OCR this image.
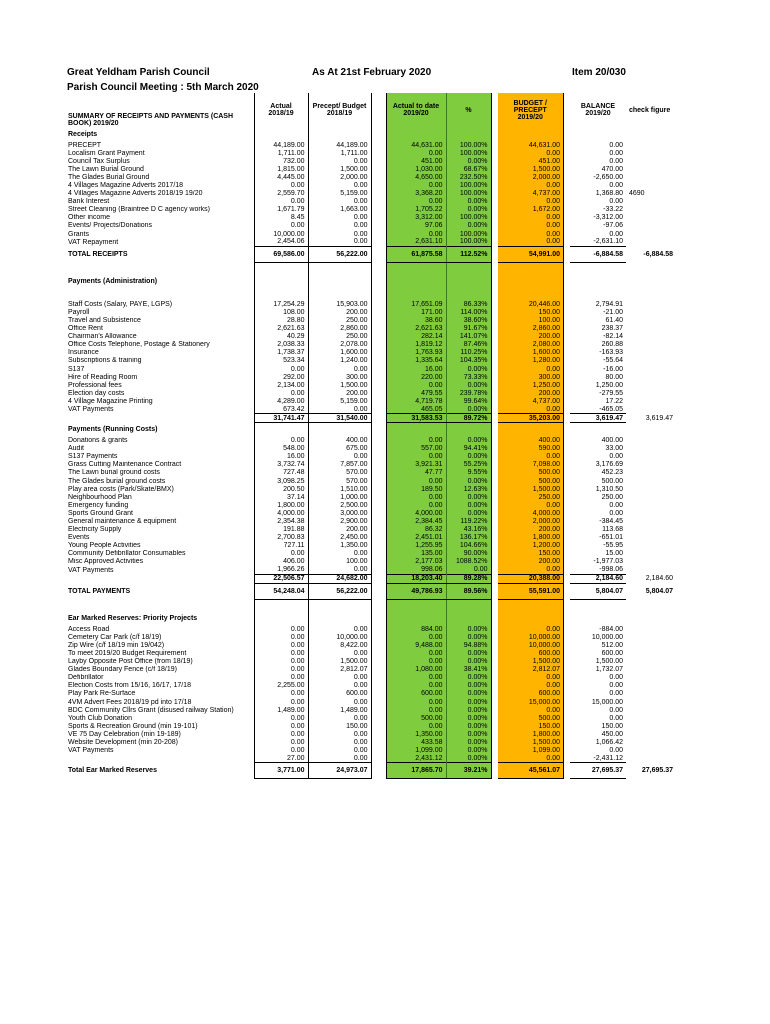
Great Yeldham Parish Council
Parish Council Meeting : 5th March 2020
As At 21st February 2020	Item 20/030
SUMMARY OF RECEIPTS AND PAYMENTS (CASH BOOK) 2019/20	Actual 2018/19	Precept/ Budget 2018/19		Actual to date 2019/20	%		BUDGET / PRECEPT 2019/20		BALANCE 2019/20	check figure
Receipts										
PRECEPT	44,189.00	44,189.00		44,631.00	100.00%		44,631.00		0.00	
Localism Grant Payment	1,711.00	1,711.00		0.00	100.00%		0.00		0.00	
Council Tax Surplus	732.00	0.00		451.00	0.00%		451.00		0.00	
The Lawn Burial Ground	1,815.00	1,500.00		1,030.00	68.67%		1,500.00		470.00	
The Glades Burial Ground	4,445.00	2,000.00		4,650.00	232.50%		2,000.00		-2,650.00	
4 Villages Magazine Adverts 2017/18	0.00	0.00		0.00	100.00%		0.00		0.00	
4 Villages Magazine Adverts 2018/19 19/20	2,559.70	5,159.00		3,368.20	100.00%		4,737.00		1,368.80	4690
Bank Interest	0.00	0.00		0.00	0.00%		0.00		0.00	
Street Cleaning (Braintree D C agency works)	1,671.79	1,663.00		1,705.22	0.00%		1,672.00		-33.22	
Other income	8.45	0.00		3,312.00	100.00%		0.00		-3,312.00	
Events/ Projects/Donations	0.00	0.00		97.06	0.00%		0.00		-97.06	
Grants	10,000.00	0.00		0.00	100.00%		0.00		0.00	
VAT Repayment	2,454.06	0.00		2,631.10	100.00%		0.00		-2,631.10	
TOTAL RECEIPTS	69,586.00	56,222.00		61,875.58	112.52%		54,991.00		-6,884.58	-6,884.58

Payments (Administration)										

Staff Costs (Salary, PAYE, LGPS)	17,254.29	15,903.00		17,651.09	86.33%		20,446.00		2,794.91	
Payroll	108.00	200.00		171.00	114.00%		150.00		-21.00	
Travel and Subsistence	28.80	250.00		38.60	38.60%		100.00		61.40	
Office Rent	2,621.63	2,860.00		2,621.63	91.67%		2,860.00		238.37	
Chairman's Allowance	40.29	250.00		282.14	141.07%		200.00		-82.14	
Office Costs Telephone, Postage & Stationery	2,038.33	2,078.00		1,819.12	87.46%		2,080.00		260.88	
Insurance	1,738.37	1,600.00		1,763.93	110.25%		1,600.00		-163.93	
Subscriptions & training	523.34	1,240.00		1,335.64	104.35%		1,280.00		-55.64	
S137	0.00	0.00		16.00	0.00%		0.00		-16.00	
Hire of Reading Room	292.00	300.00		220.00	73.33%		300.00		80.00	
Professional fees	2,134.00	1,500.00		0.00	0.00%		1,250.00		1,250.00	
Election day costs	0.00	200.00		479.55	239.78%		200.00		-279.55	
4 Village Magazine Printing	4,289.00	5,159.00		4,719.78	99.64%		4,737.00		17.22	
VAT Payments	673.42	0.00		465.05	0.00%		0.00		-465.05	
	31,741.47	31,540.00		31,583.53	89.72%		35,203.00		3,619.47	3,619.47
Payments (Running Costs)										
Donations & grants	0.00	400.00		0.00	0.00%		400.00		400.00	
Audit	548.00	675.00		557.00	94.41%		590.00		33.00	
S137 Payments	16.00	0.00		0.00	0.00%		0.00		0.00	
Grass Cutting Maintenance Contract	3,732.74	7,857.00		3,921.31	55.25%		7,098.00		3,176.69	
The Lawn burial ground costs	727.48	570.00		47.77	9.55%		500.00		452.23	
The Glades burial ground costs	3,098.25	570.00		0.00	0.00%		500.00		500.00	
Play area costs (Park/Skate/BMX)	200.50	1,510.00		189.50	12.63%		1,500.00		1,310.50	
Neighbourhood Plan	37.14	1,000.00		0.00	0.00%		250.00		250.00	
Emergency funding	1,800.00	2,500.00		0.00	0.00%		0.00		0.00	
Sports Ground Grant	4,000.00	3,000.00		4,000.00	0.00%		4,000.00		0.00	
General maintenance & equipment	2,354.38	2,900.00		2,384.45	119.22%		2,000.00		-384.45	
Electricity Supply	191.88	200.00		86.32	43.16%		200.00		113.68	
Events	2,700.83	2,450.00		2,451.01	136.17%		1,800.00		-651.01	
Young People Activities	727.11	1,350.00		1,255.95	104.66%		1,200.00		-55.95	
Community Defibrillator Consumables	0.00	0.00		135.00	90.00%		150.00		15.00	
Misc Approved Activities	406.00	100.00		2,177.03	1088.52%		200.00		-1,977.03	
VAT Payments	1,966.26	0.00		998.06	0.00		0.00		-998.06	
	22,506.57	24,682.00		18,203.40	89.28%		20,388.00		2,184.60	2,184.60
TOTAL PAYMENTS	54,248.04	56,222.00		49,786.93	89.56%		55,591.00		5,804.07	5,804.07

Ear Marked Reserves: Priority Projects										
Access Road	0.00	0.00		884.00	0.00%		0.00		-884.00	
Cemetery Car Park (c/f 18/19)	0.00	10,000.00		0.00	0.00%		10,000.00		10,000.00	
Zip Wire (c/f 18/19 min 19/042)	0.00	8,422.00		9,488.00	94.88%		10,000.00		512.00	
To meet 2019/20 Budget Requirement	0.00	0.00		0.00	0.00%		600.00		600.00	
Layby Opposite Post Office (from 18/19)	0.00	1,500.00		0.00	0.00%		1,500.00		1,500.00	
Glades Boundary Fence (c/f 18/19)	0.00	2,812.07		1,080.00	38.41%		2,812.07		1,732.07	
Defibrillator	0.00	0.00		0.00	0.00%		0.00		0.00	
Election Costs from 15/16, 16/17, 17/18	2,255.00	0.00		0.00	0.00%		0.00		0.00	
Play Park Re-Surface	0.00	600.00		600.00	0.00%		600.00		0.00	
4VM Advert Fees 2018/19 pd into 17/18	0.00	0.00		0.00	0.00%		15,000.00		15,000.00	
BDC Community Cllrs Grant (disused railway Station)	1,489.00	1,489.00		0.00	0.00%		0.00		0.00	
Youth Club Donation	0.00	0.00		500.00	0.00%		500.00		0.00	
Sports & Recreation Ground (min 19-101)	0.00	150.00		0.00	0.00%		150.00		150.00	
VE 75 Day Celebration (min 19-189)	0.00	0.00		1,350.00	0.00%		1,800.00		450.00	
Website Development (min 20-208)	0.00	0.00		433.58	0.00%		1,500.00		1,066.42	
VAT Payments	0.00	0.00		1,099.00	0.00%		1,099.00		0.00	
	27.00	0.00		2,431.12	0.00%		0.00		-2,431.12	
Total Ear Marked Reserves	3,771.00	24,973.07		17,865.70	39.21%		45,561.07		27,695.37	27,695.37
